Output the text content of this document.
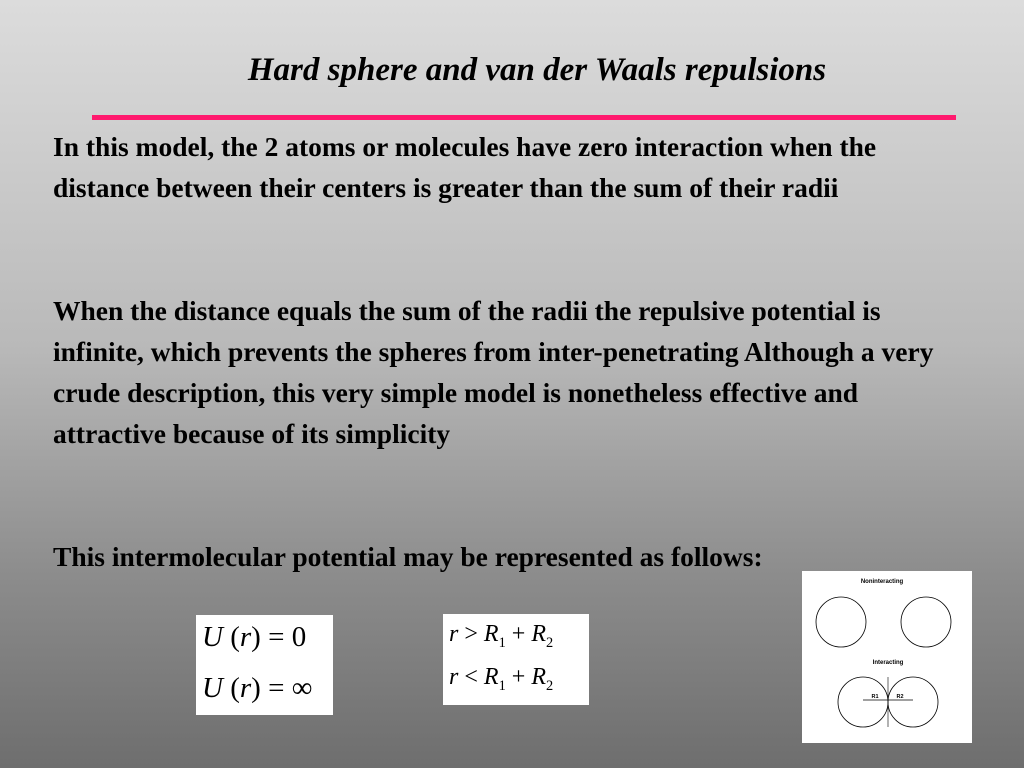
Hard sphere and van der Waals repulsions

In this model, the 2 atoms or molecules have zero interaction when the distance between their centers is greater than the sum of their radii

When the distance equals the sum of the radii the repulsive potential is infinite, which prevents the spheres from inter-penetrating Although a very crude description, this very simple model is nonetheless effective and attractive because of its simplicity

This intermolecular potential may be represented as follows:

U (r) = 0
U (r) = ∞
$r > R_1 + R_2$
$r < R_1 + R_2$
Noninteracting
Interacting
R1	R2
